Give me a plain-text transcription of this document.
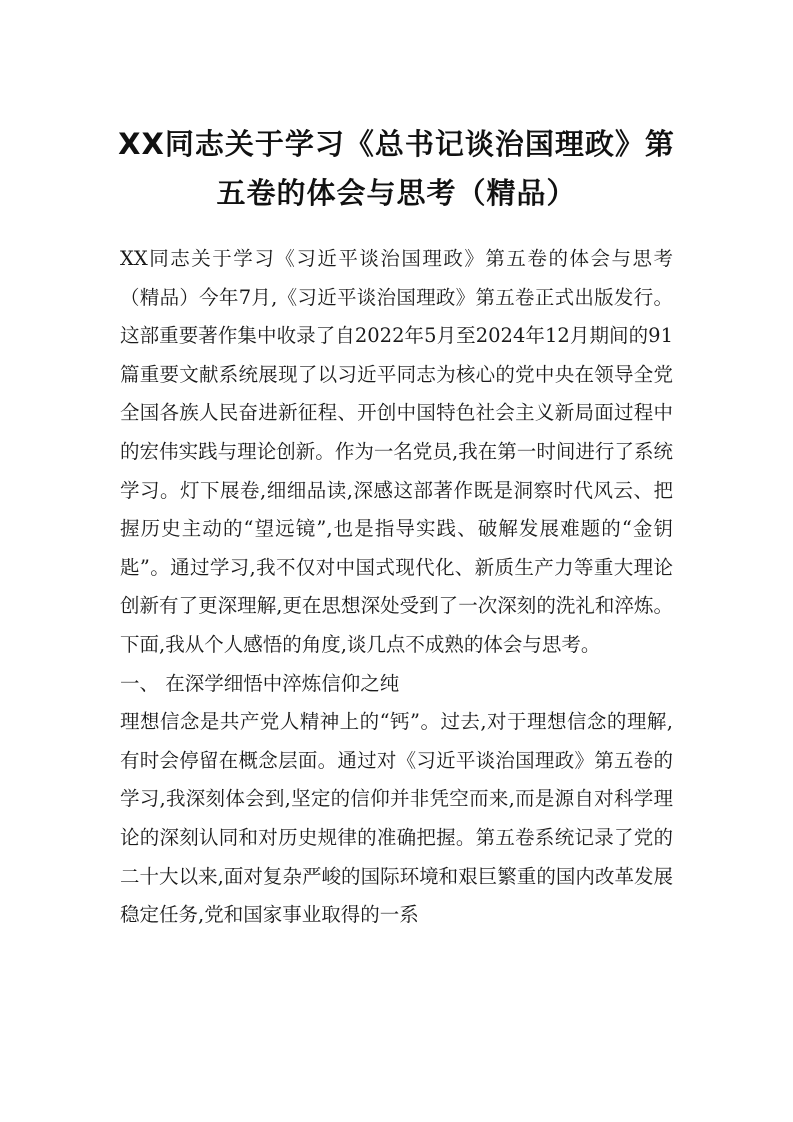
XX同志关于学习《总书记谈治国理政》第五卷的体会与思考（精品）

XX同志关于学习《习近平谈治国理政》第五卷的体会与思考（精品）今年7月,《习近平谈治国理政》第五卷正式出版发行。这部重要著作集中收录了自2022年5月至2024年12月期间的91篇重要文献系统展现了以习近平同志为核心的党中央在领导全党全国各族人民奋进新征程、开创中国特色社会主义新局面过程中的宏伟实践与理论创新。作为一名党员,我在第一时间进行了系统学习。灯下展卷,细细品读,深感这部著作既是洞察时代风云、把握历史主动的“望远镜”,也是指导实践、破解发展难题的“金钥匙”。通过学习,我不仅对中国式现代化、新质生产力等重大理论创新有了更深理解,更在思想深处受到了一次深刻的洗礼和淬炼。下面,我从个人感悟的角度,谈几点不成熟的体会与思考。

一、 在深学细悟中淬炼信仰之纯

理想信念是共产党人精神上的“钙”。过去,对于理想信念的理解,有时会停留在概念层面。通过对《习近平谈治国理政》第五卷的学习,我深刻体会到,坚定的信仰并非凭空而来,而是源自对科学理论的深刻认同和对历史规律的准确把握。第五卷系统记录了党的二十大以来,面对复杂严峻的国际环境和艰巨繁重的国内改革发展稳定任务,党和国家事业取得的一系
